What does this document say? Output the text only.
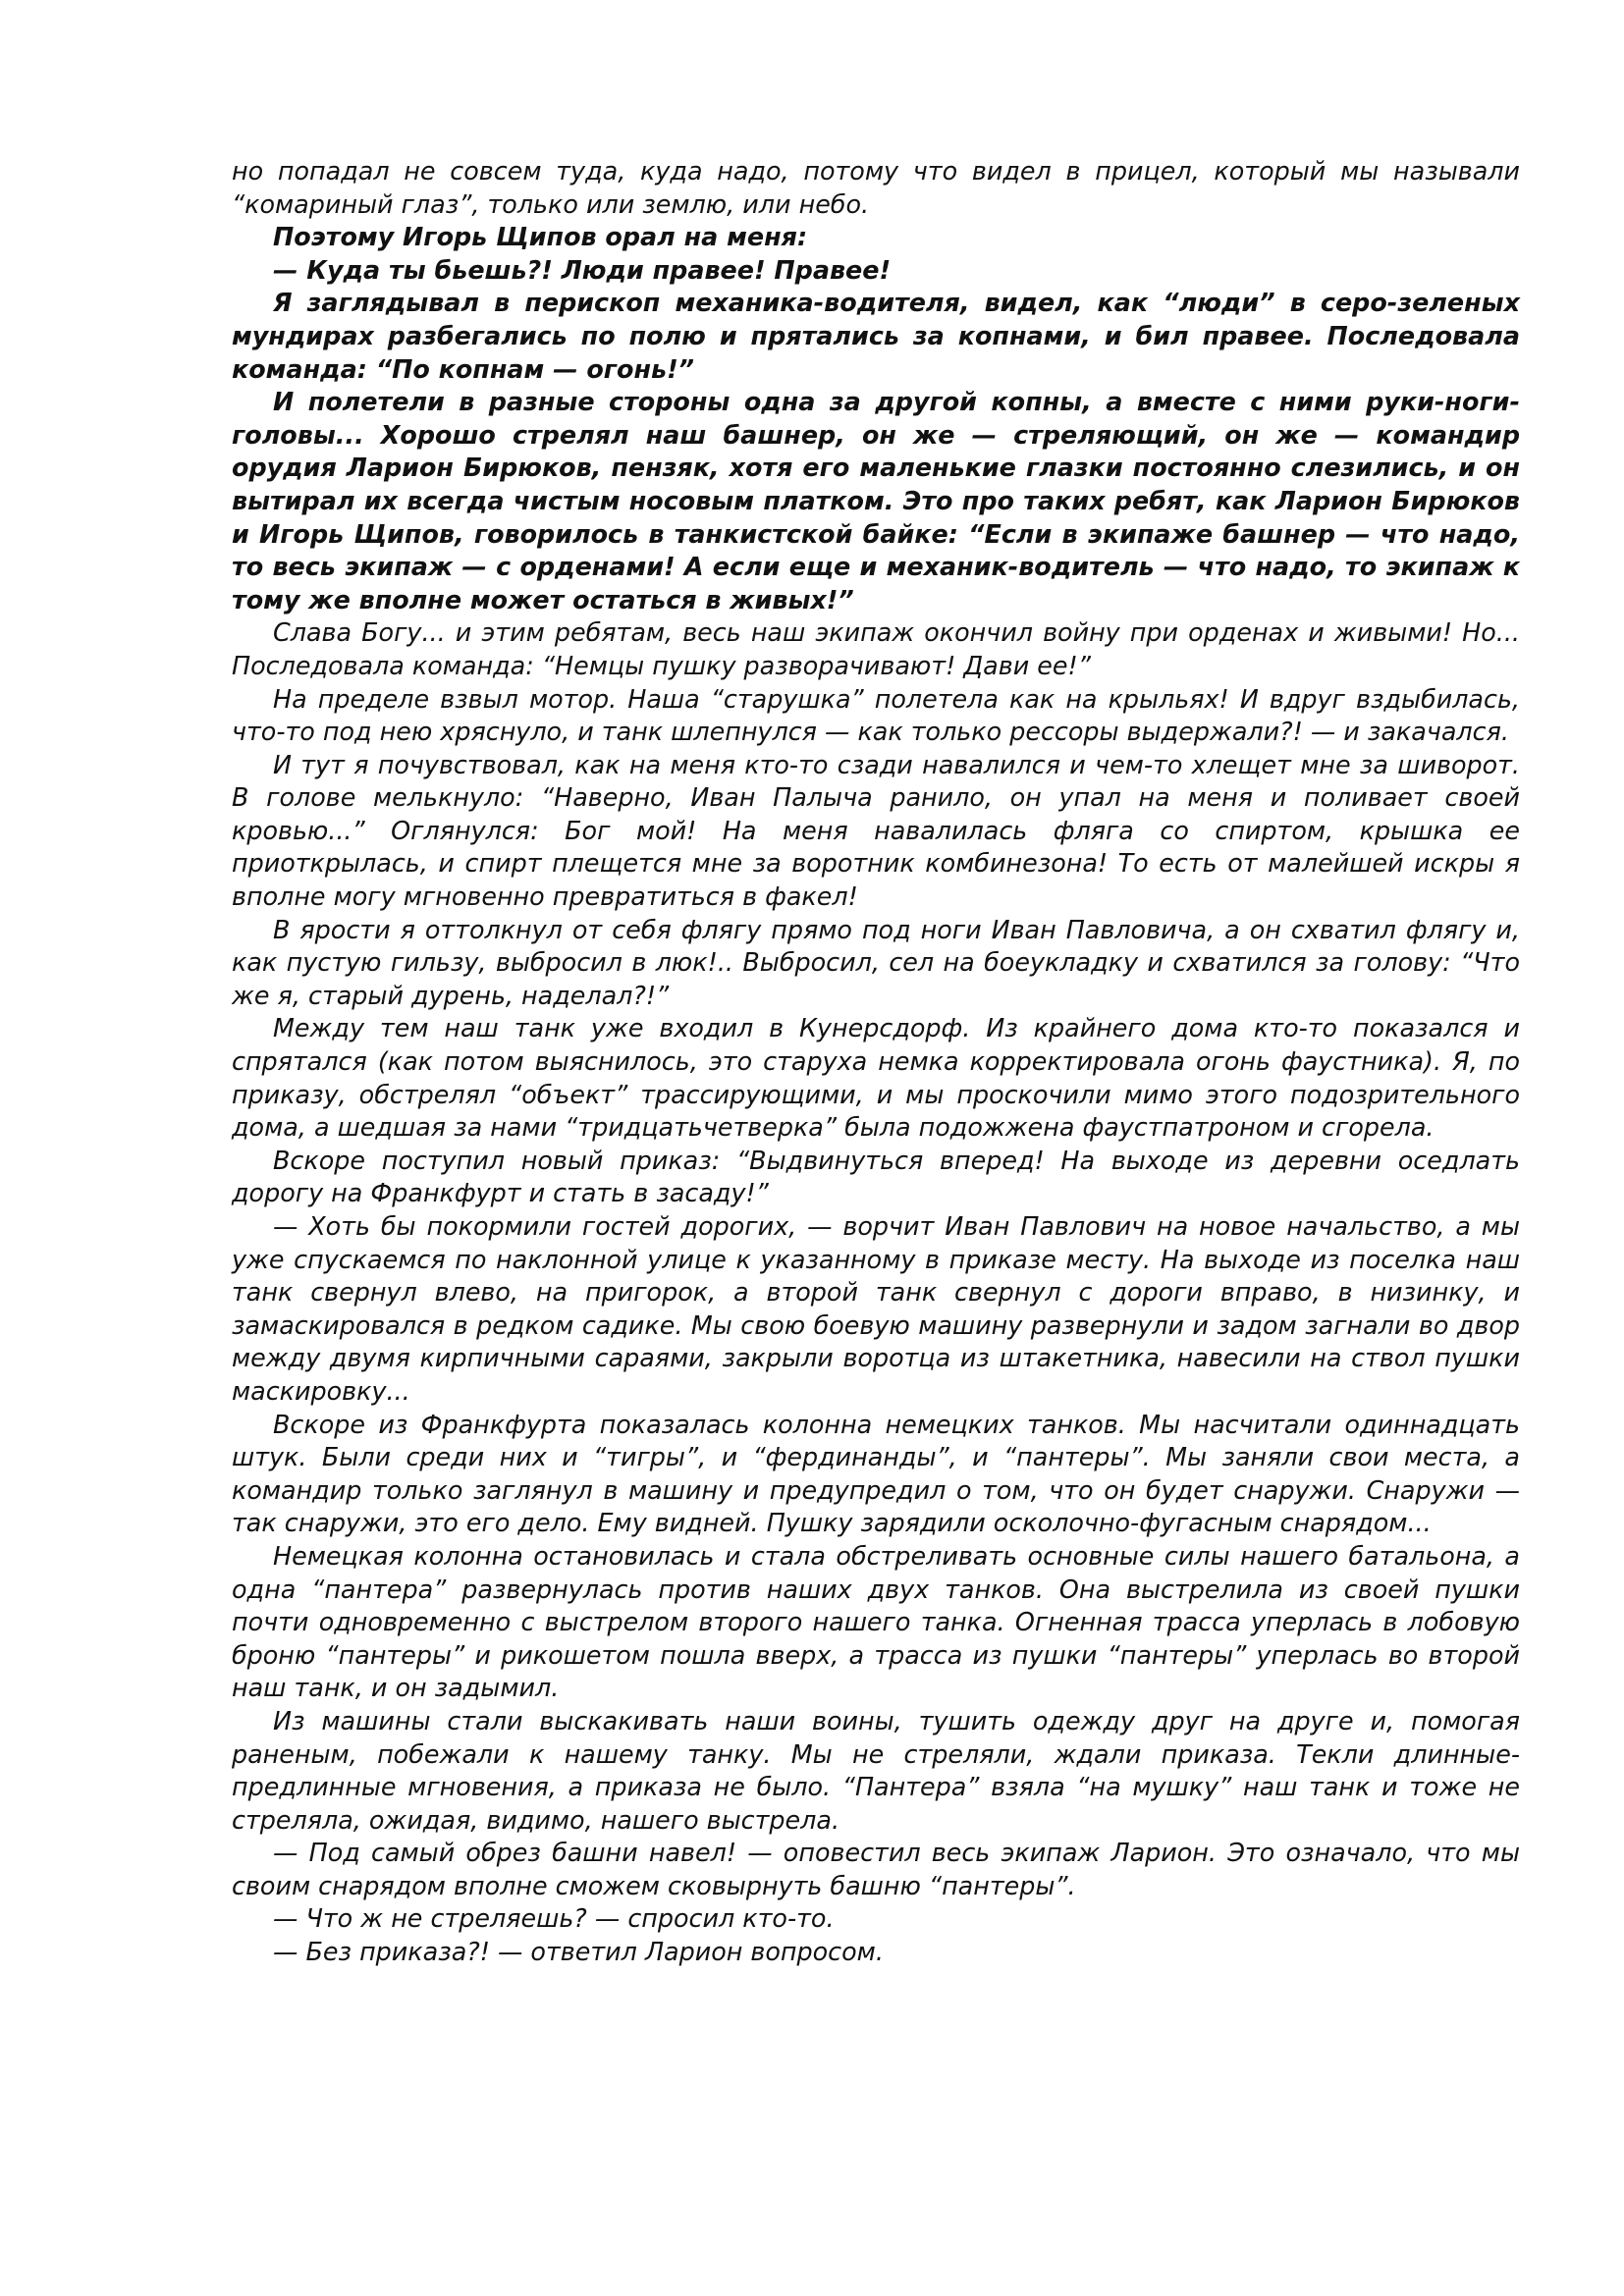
но попадал не совсем туда, куда надо, потому что видел в прицел, который мы называли “комариный глаз”, только или землю, или небо.

Поэтому Игорь Щипов орал на меня:

— Куда ты бьешь?! Люди правее! Правее!

Я заглядывал в перископ механика-водителя, видел, как “люди” в серо-зеленых мундирах разбегались по полю и прятались за копнами, и бил правее. Последовала команда: “По копнам — огонь!”

И полетели в разные стороны одна за другой копны, а вместе с ними руки-ноги-головы... Хорошо стрелял наш башнер, он же — стреляющий, он же — командир орудия Ларион Бирюков, пензяк, хотя его маленькие глазки постоянно слезились, и он вытирал их всегда чистым носовым платком. Это про таких ребят, как Ларион Бирюков и Игорь Щипов, говорилось в танкистской байке: “Если в экипаже башнер — что надо, то весь экипаж — с орденами! А если еще и механик-водитель — что надо, то экипаж к тому же вполне может остаться в живых!”

Слава Богу... и этим ребятам, весь наш экипаж окончил войну при орденах и живыми! Но... Последовала команда: “Немцы пушку разворачивают! Дави ее!”

На пределе взвыл мотор. Наша “старушка” полетела как на крыльях! И вдруг вздыбилась, что-то под нею хряснуло, и танк шлепнулся — как только рессоры выдержали?! — и закачался.

И тут я почувствовал, как на меня кто-то сзади навалился и чем-то хлещет мне за шиворот. В голове мелькнуло: “Наверно, Иван Палыча ранило, он упал на меня и поливает своей кровью...” Оглянулся: Бог мой! На меня навалилась фляга со спиртом, крышка ее приоткрылась, и спирт плещется мне за воротник комбинезона! То есть от малейшей искры я вполне могу мгновенно превратиться в факел!

В ярости я оттолкнул от себя флягу прямо под ноги Иван Павловича, а он схватил флягу и, как пустую гильзу, выбросил в люк!.. Выбросил, сел на боеукладку и схватился за голову: “Что же я, старый дурень, наделал?!”

Между тем наш танк уже входил в Кунерсдорф. Из крайнего дома кто-то показался и спрятался (как потом выяснилось, это старуха немка корректировала огонь фаустника). Я, по приказу, обстрелял “объект” трассирующими, и мы проскочили мимо этого подозрительного дома, а шедшая за нами “тридцатьчетверка” была подожжена фаустпатроном и сгорела.

Вскоре поступил новый приказ: “Выдвинуться вперед! На выходе из деревни оседлать дорогу на Франкфурт и стать в засаду!”

— Хоть бы покормили гостей дорогих, — ворчит Иван Павлович на новое начальство, а мы уже спускаемся по наклонной улице к указанному в приказе месту. На выходе из поселка наш танк свернул влево, на пригорок, а второй танк свернул с дороги вправо, в низинку, и замаскировался в редком садике. Мы свою боевую машину развернули и задом загнали во двор между двумя кирпичными сараями, закрыли воротца из штакетника, навесили на ствол пушки маскировку...

Вскоре из Франкфурта показалась колонна немецких танков. Мы насчитали одиннадцать штук. Были среди них и “тигры”, и “фердинанды”, и “пантеры”. Мы заняли свои места, а командир только заглянул в машину и предупредил о том, что он будет снаружи. Снаружи — так снаружи, это его дело. Ему видней. Пушку зарядили осколочно-фугасным снарядом...

Немецкая колонна остановилась и стала обстреливать основные силы нашего батальона, а одна “пантера” развернулась против наших двух танков. Она выстрелила из своей пушки почти одновременно с выстрелом второго нашего танка. Огненная трасса уперлась в лобовую броню “пантеры” и рикошетом пошла вверх, а трасса из пушки “пантеры” уперлась во второй наш танк, и он задымил.

Из машины стали выскакивать наши воины, тушить одежду друг на друге и, помогая раненым, побежали к нашему танку. Мы не стреляли, ждали приказа. Текли длинные-предлинные мгновения, а приказа не было. “Пантера” взяла “на мушку” наш танк и тоже не стреляла, ожидая, видимо, нашего выстрела.

— Под самый обрез башни навел! — оповестил весь экипаж Ларион. Это означало, что мы своим снарядом вполне сможем сковырнуть башню “пантеры”.

— Что ж не стреляешь? — спросил кто-то.

— Без приказа?! — ответил Ларион вопросом.
